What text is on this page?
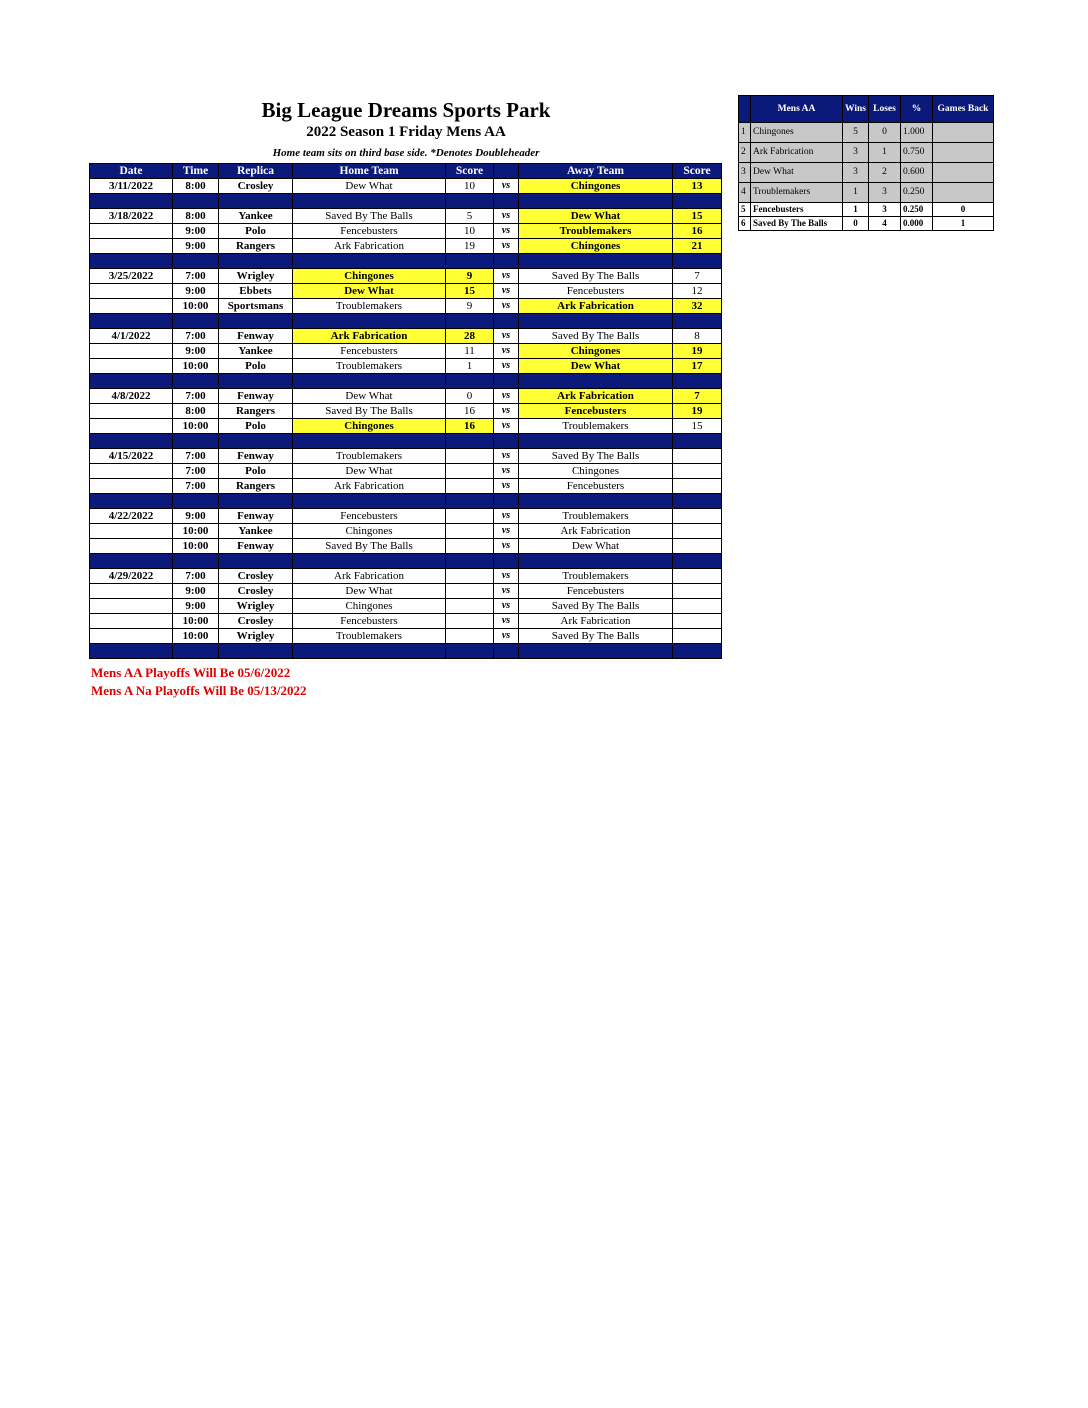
Big League Dreams Sports Park
2022 Season 1 Friday Mens AA
Home team sits on third base side. *Denotes Doubleheader
Date	Time	Replica	Home Team	Score		Away Team	Score
3/11/2022	8:00	Crosley	Dew What	10	vs	Chingones	13

3/18/2022	8:00	Yankee	Saved By The Balls	5	vs	Dew What	15
	9:00	Polo	Fencebusters	10	vs	Troublemakers	16
	9:00	Rangers	Ark Fabrication	19	vs	Chingones	21

3/25/2022	7:00	Wrigley	Chingones	9	vs	Saved By The Balls	7
	9:00	Ebbets	Dew What	15	vs	Fencebusters	12
	10:00	Sportsmans	Troublemakers	9	vs	Ark Fabrication	32

4/1/2022	7:00	Fenway	Ark Fabrication	28	vs	Saved By The Balls	8
	9:00	Yankee	Fencebusters	11	vs	Chingones	19
	10:00	Polo	Troublemakers	1	vs	Dew What	17

4/8/2022	7:00	Fenway	Dew What	0	vs	Ark Fabrication	7
	8:00	Rangers	Saved By The Balls	16	vs	Fencebusters	19
	10:00	Polo	Chingones	16	vs	Troublemakers	15

4/15/2022	7:00	Fenway	Troublemakers		vs	Saved By The Balls	
	7:00	Polo	Dew What		vs	Chingones	
	7:00	Rangers	Ark Fabrication		vs	Fencebusters	

4/22/2022	9:00	Fenway	Fencebusters		vs	Troublemakers	
	10:00	Yankee	Chingones		vs	Ark Fabrication	
	10:00	Fenway	Saved By The Balls		vs	Dew What	

4/29/2022	7:00	Crosley	Ark Fabrication		vs	Troublemakers	
	9:00	Crosley	Dew What		vs	Fencebusters	
	9:00	Wrigley	Chingones		vs	Saved By The Balls	
	10:00	Crosley	Fencebusters		vs	Ark Fabrication	
	10:00	Wrigley	Troublemakers		vs	Saved By The Balls	

	Mens AA	Wins	Loses	%	Games Back
1	Chingones	5	0	1.000	
2	Ark Fabrication	3	1	0.750	
3	Dew What	3	2	0.600	
4	Troublemakers	1	3	0.250	
5	Fencebusters	1	3	0.250	0
6	Saved By The Balls	0	4	0.000	1
Mens AA Playoffs Will Be 05/6/2022
Mens A Na Playoffs Will Be 05/13/2022
